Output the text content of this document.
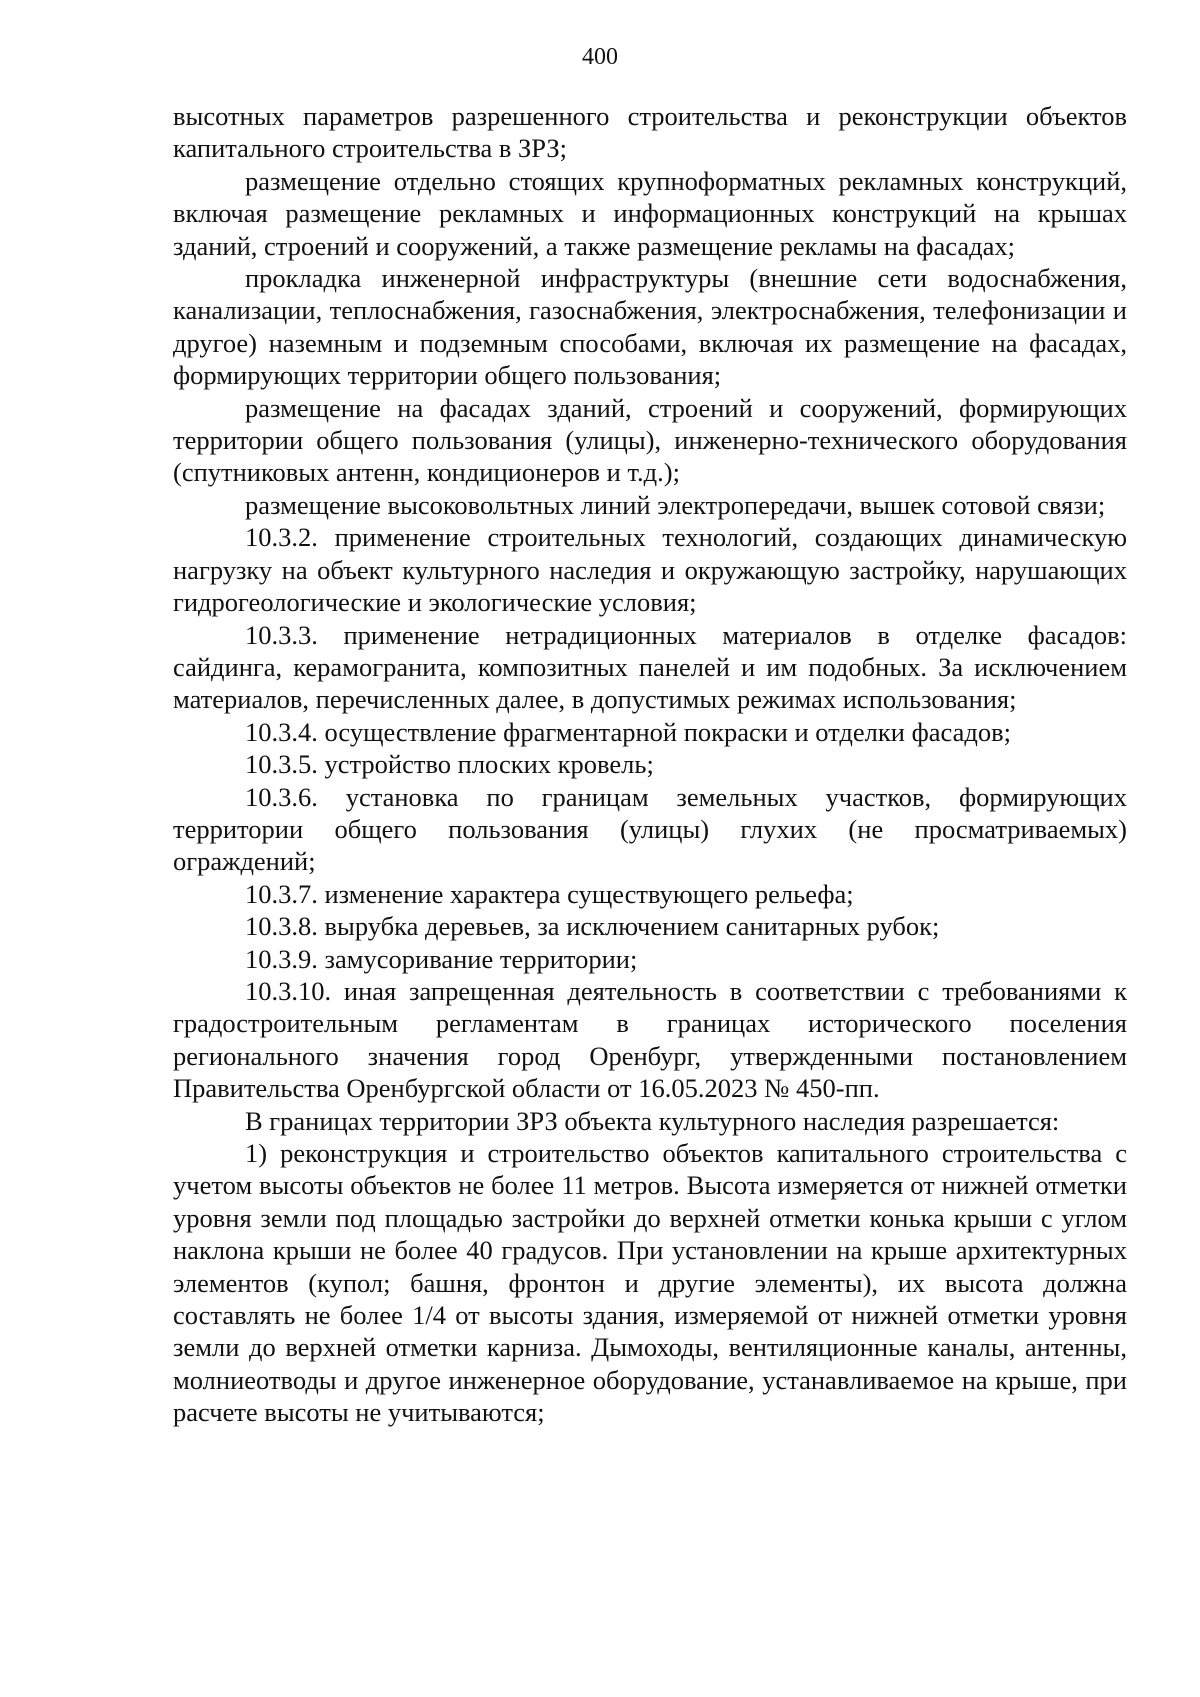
400

высотных параметров разрешенного строительства и реконструкции объектов капитального строительства в ЗРЗ;

размещение отдельно стоящих крупноформатных рекламных конструкций, включая размещение рекламных и информационных конструкций на крышах зданий, строений и сооружений, а также размещение рекламы на фасадах;

прокладка инженерной инфраструктуры (внешние сети водоснабжения, канализации, теплоснабжения, газоснабжения, электроснабжения, телефонизации и другое) наземным и подземным способами, включая их размещение на фасадах, формирующих территории общего пользования;

размещение на фасадах зданий, строений и сооружений, формирующих территории общего пользования (улицы), инженерно-технического оборудования (спутниковых антенн, кондиционеров и т.д.);

размещение высоковольтных линий электропередачи, вышек сотовой связи;

10.3.2. применение строительных технологий, создающих динамическую нагрузку на объект культурного наследия и окружающую застройку, нарушающих гидрогеологические и экологические условия;

10.3.3. применение нетрадиционных материалов в отделке фасадов: сайдинга, керамогранита, композитных панелей и им подобных. За исключением материалов, перечисленных далее, в допустимых режимах использования;

10.3.4. осуществление фрагментарной покраски и отделки фасадов;

10.3.5. устройство плоских кровель;

10.3.6. установка по границам земельных участков, формирующих территории общего пользования (улицы) глухих (не просматриваемых) ограждений;

10.3.7. изменение характера существующего рельефа;

10.3.8. вырубка деревьев, за исключением санитарных рубок;

10.3.9. замусоривание территории;

10.3.10. иная запрещенная деятельность в соответствии с требованиями к градостроительным регламентам в границах исторического поселения регионального значения город Оренбург, утвержденными постановлением Правительства Оренбургской области от 16.05.2023 № 450-пп.

В границах территории ЗРЗ объекта культурного наследия разрешается:

1) реконструкция и строительство объектов капитального строительства с учетом высоты объектов не более 11 метров. Высота измеряется от нижней отметки уровня земли под площадью застройки до верхней отметки конька крыши с углом наклона крыши не более 40 градусов. При установлении на крыше архитектурных элементов (купол; башня, фронтон и другие элементы), их высота должна составлять не более 1/4 от высоты здания, измеряемой от нижней отметки уровня земли до верхней отметки карниза. Дымоходы, вентиляционные каналы, антенны, молниеотводы и другое инженерное оборудование, устанавливаемое на крыше, при расчете высоты не учитываются;
